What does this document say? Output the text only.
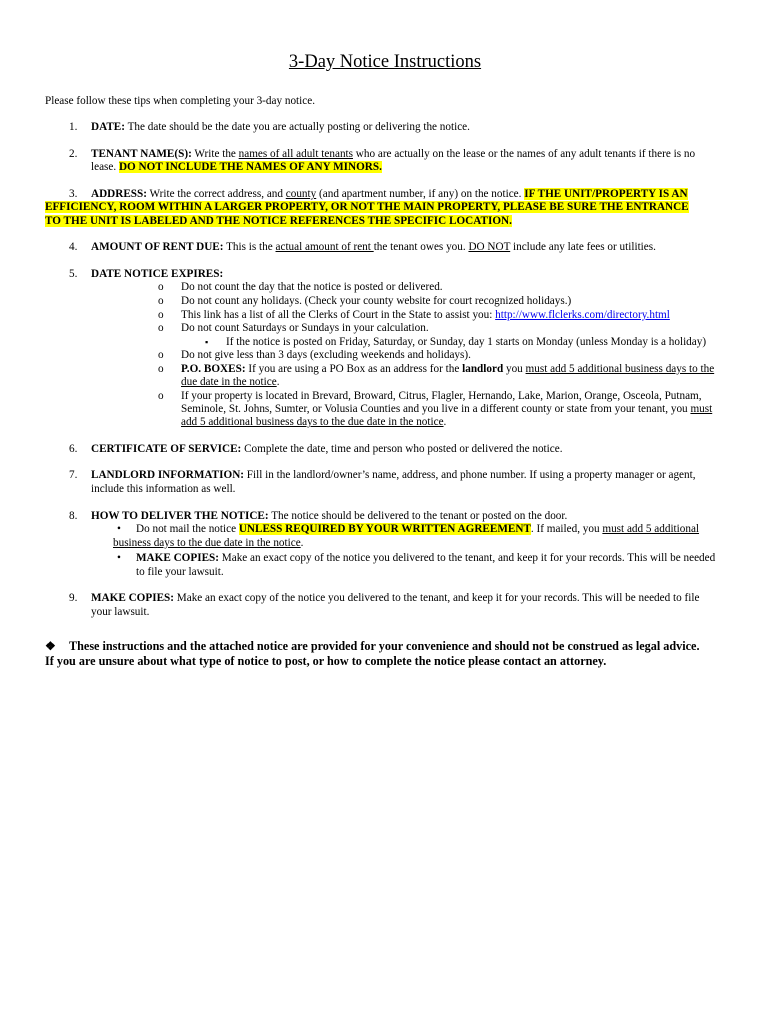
3-Day Notice Instructions

Please follow these tips when completing your 3-day notice.

1. DATE: The date should be the date you are actually posting or delivering the notice.

2. TENANT NAME(S): Write the names of all adult tenants who are actually on the lease or the names of any adult tenants if there is no

lease. DO NOT INCLUDE THE NAMES OF ANY MINORS.

3. ADDRESS: Write the correct address, and county (and apartment number, if any) on the notice. IF THE UNIT/PROPERTY IS AN

EFFICIENCY, ROOM WITHIN A LARGER PROPERTY, OR NOT THE MAIN PROPERTY, PLEASE BE SURE THE ENTRANCE

TO THE UNIT IS LABELED AND THE NOTICE REFERENCES THE SPECIFIC LOCATION.

4. AMOUNT OF RENT DUE: This is the actual amount of rent the tenant owes you. DO NOT include any late fees or utilities.

5. DATE NOTICE EXPIRES:

o Do not count the day that the notice is posted or delivered.

o Do not count any holidays. (Check your county website for court recognized holidays.)

o This link has a list of all the Clerks of Court in the State to assist you: http://www.flclerks.com/directory.html

o Do not count Saturdays or Sundays in your calculation.

▪ If the notice is posted on Friday, Saturday, or Sunday, day 1 starts on Monday (unless Monday is a holiday)

o Do not give less than 3 days (excluding weekends and holidays).

o P.O. BOXES: If you are using a PO Box as an address for the landlord you must add 5 additional business days to the

due date in the notice.

o If your property is located in Brevard, Broward, Citrus, Flagler, Hernando, Lake, Marion, Orange, Osceola, Putnam,

Seminole, St. Johns, Sumter, or Volusia Counties and you live in a different county or state from your tenant, you must

add 5 additional business days to the due date in the notice.

6. CERTIFICATE OF SERVICE: Complete the date, time and person who posted or delivered the notice.

7. LANDLORD INFORMATION: Fill in the landlord/owner’s name, address, and phone number. If using a property manager or agent,

include this information as well.

8. HOW TO DELIVER THE NOTICE: The notice should be delivered to the tenant or posted on the door.

• Do not mail the notice UNLESS REQUIRED BY YOUR WRITTEN AGREEMENT. If mailed, you must add 5 additional

business days to the due date in the notice.

• MAKE COPIES: Make an exact copy of the notice you delivered to the tenant, and keep it for your records. This will be needed

to file your lawsuit.

9. MAKE COPIES: Make an exact copy of the notice you delivered to the tenant, and keep it for your records. This will be needed to file

your lawsuit.

❖ These instructions and the attached notice are provided for your convenience and should not be construed as legal advice.

If you are unsure about what type of notice to post, or how to complete the notice please contact an attorney.
